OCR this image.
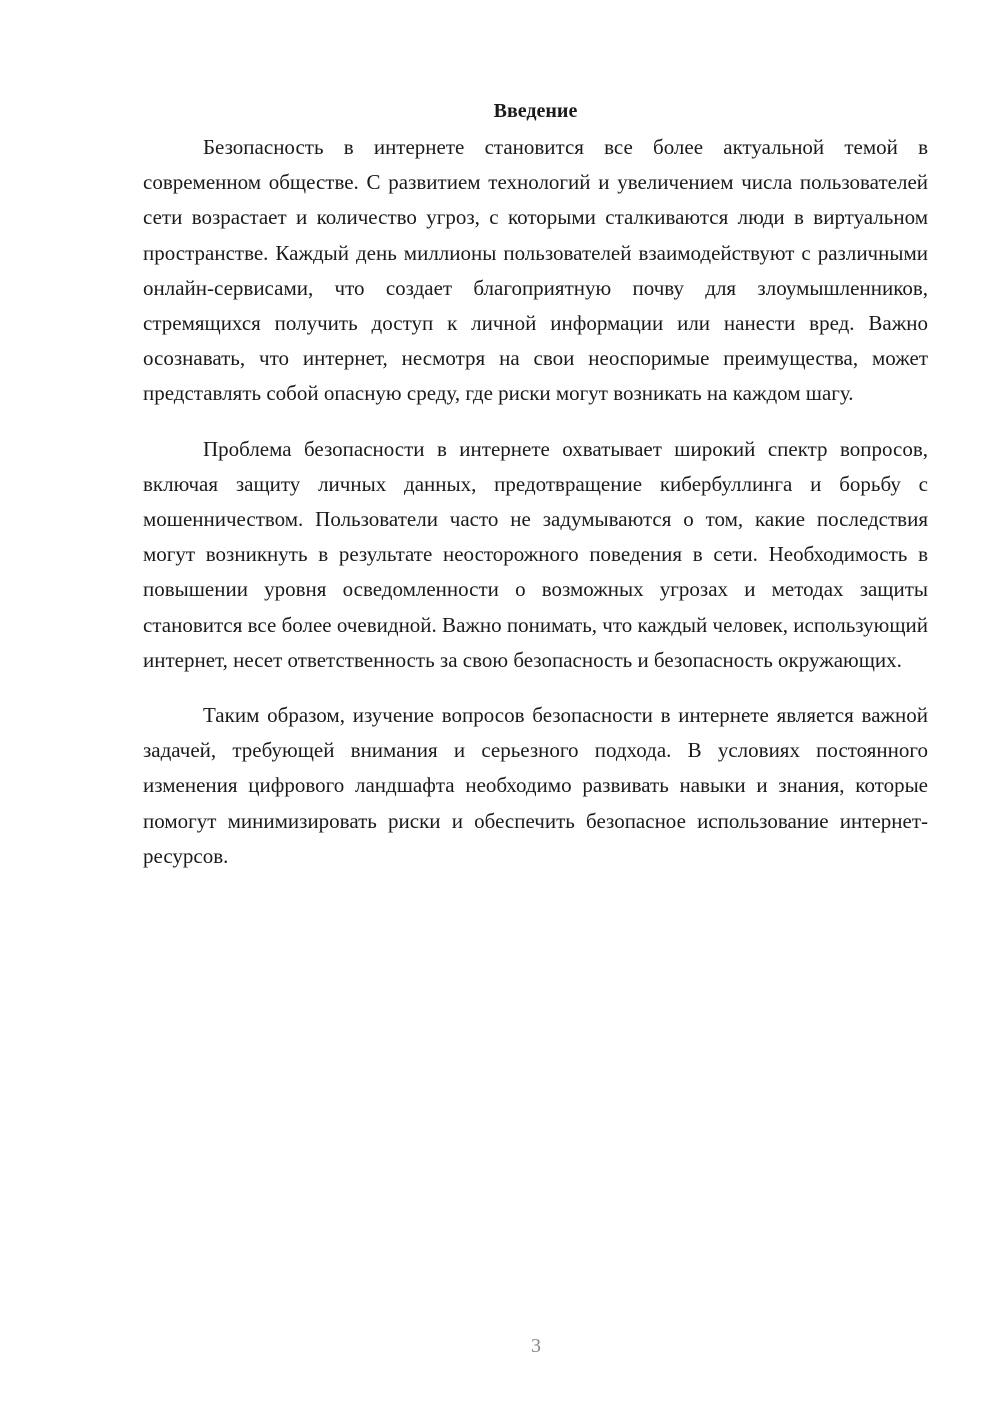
Введение

Безопасность в интернете становится все более актуальной темой в современном обществе. С развитием технологий и увеличением числа пользователей сети возрастает и количество угроз, с которыми сталкиваются люди в виртуальном пространстве. Каждый день миллионы пользователей взаимодействуют с различными онлайн-сервисами, что создает благоприятную почву для злоумышленников, стремящихся получить доступ к личной информации или нанести вред. Важно осознавать, что интернет, несмотря на свои неоспоримые преимущества, может представлять собой опасную среду, где риски могут возникать на каждом шагу.

Проблема безопасности в интернете охватывает широкий спектр вопросов, включая защиту личных данных, предотвращение кибербуллинга и борьбу с мошенничеством. Пользователи часто не задумываются о том, какие последствия могут возникнуть в результате неосторожного поведения в сети. Необходимость в повышении уровня осведомленности о возможных угрозах и методах защиты становится все более очевидной. Важно понимать, что каждый человек, использующий интернет, несет ответственность за свою безопасность и безопасность окружающих.

Таким образом, изучение вопросов безопасности в интернете является важной задачей, требующей внимания и серьезного подхода. В условиях постоянного изменения цифрового ландшафта необходимо развивать навыки и знания, которые помогут минимизировать риски и обеспечить безопасное использование интернет-ресурсов.

3
